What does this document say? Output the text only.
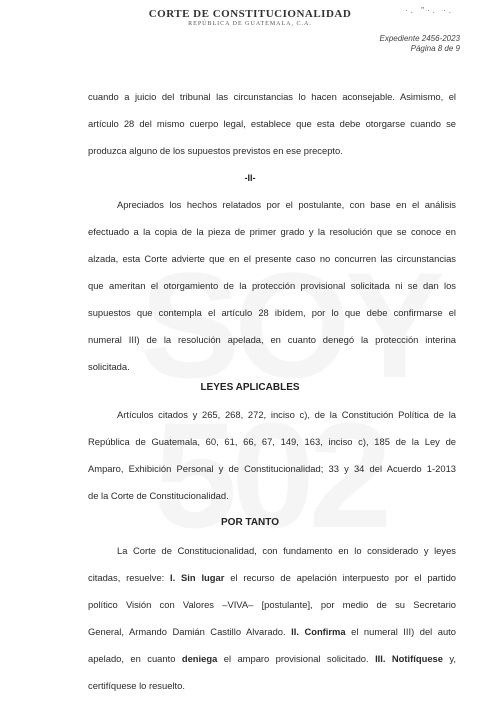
CORTE DE CONSTITUCIONALIDAD
REPÚBLICA DE GUATEMALA, C.A.
·. "·. ·.
Expediente 2456-2023
Página 8 de 9
cuando a juicio del tribunal las circunstancias lo hacen aconsejable. Asimismo, el
artículo 28 del mismo cuerpo legal, establece que esta debe otorgarse cuando se
produzca alguno de los supuestos previstos en ese precepto.
-II-
Apreciados los hechos relatados por el postulante, con base en el análisis
efectuado a la copia de la pieza de primer grado y la resolución que se conoce en
alzada, esta Corte advierte que en el presente caso no concurren las circunstancias
que ameritan el otorgamiento de la protección provisional solicitada ni se dan los
supuestos que contempla el artículo 28 ibídem, por lo que debe confirmarse el
numeral III) de la resolución apelada, en cuanto denegó la protección interina
solicitada.
LEYES APLICABLES
Artículos citados y 265, 268, 272, inciso c), de la Constitución Política de la
República de Guatemala, 60, 61, 66, 67, 149, 163, inciso c), 185 de la Ley de
Amparo, Exhibición Personal y de Constitucionalidad; 33 y 34 del Acuerdo 1-2013
de la Corte de Constitucionalidad.
POR TANTO
La Corte de Constitucionalidad, con fundamento en lo considerado y leyes
citadas, resuelve: I. Sin lugar el recurso de apelación interpuesto por el partido
político Visión con Valores –VIVA– [postulante], por medio de su Secretario
General, Armando Damián Castillo Alvarado. II. Confirma el numeral III) del auto
apelado, en cuanto deniega el amparo provisional solicitado. III. Notifíquese y,
certifíquese lo resuelto.
